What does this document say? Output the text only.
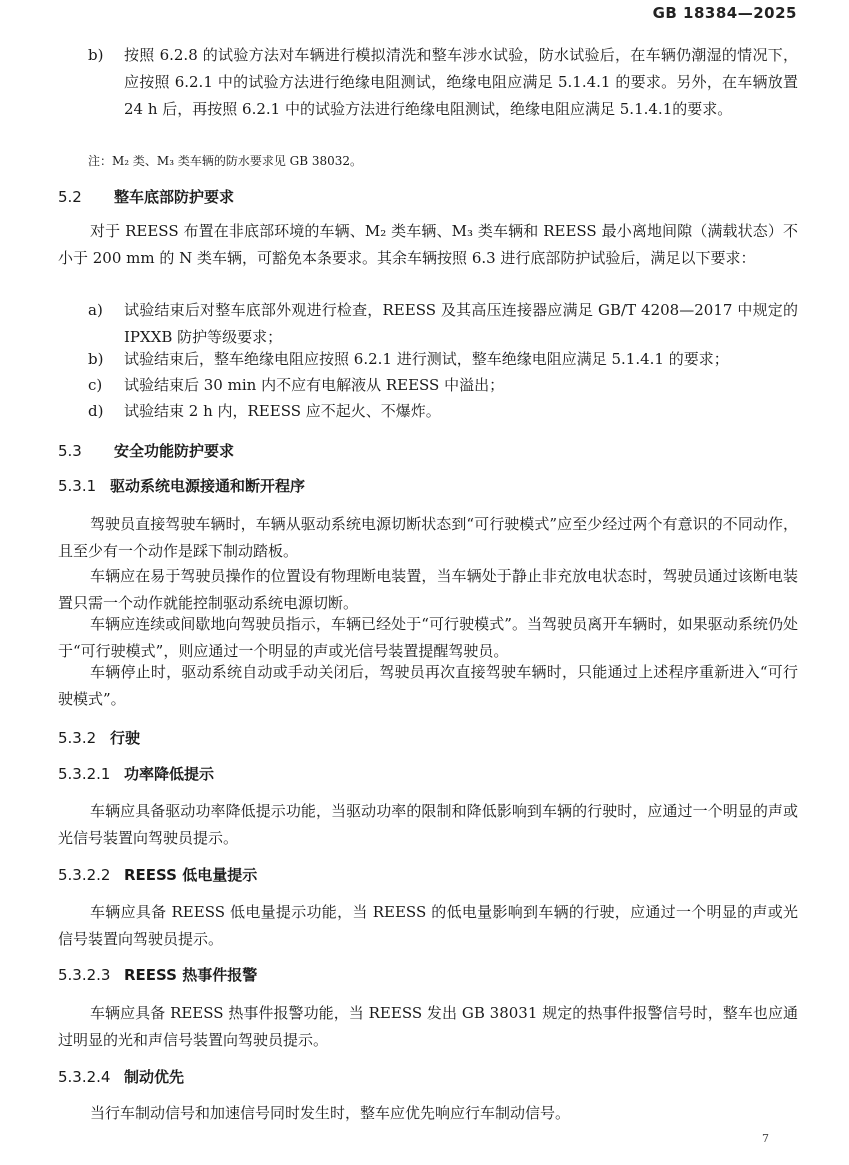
GB 18384—2025
b) 按照 6.2.8 的试验方法对车辆进行模拟清洗和整车涉水试验，防水试验后，在车辆仍潮湿的情况下，应按照 6.2.1 中的试验方法进行绝缘电阻测试，绝缘电阻应满足 5.1.4.1 的要求。另外，在车辆放置 24 h 后，再按照 6.2.1 中的试验方法进行绝缘电阻测试，绝缘电阻应满足 5.1.4.1的要求。
注：M₂ 类、M₃ 类车辆的防水要求见 GB 38032。
5.2 整车底部防护要求
对于 REESS 布置在非底部环境的车辆、M₂ 类车辆、M₃ 类车辆和 REESS 最小离地间隙（满载状态）不小于 200 mm 的 N 类车辆，可豁免本条要求。其余车辆按照 6.3 进行底部防护试验后，满足以下要求：
a) 试验结束后对整车底部外观进行检查，REESS 及其高压连接器应满足 GB/T 4208—2017 中规定的 IPXXB 防护等级要求；
b) 试验结束后，整车绝缘电阻应按照 6.2.1 进行测试，整车绝缘电阻应满足 5.1.4.1 的要求；
c) 试验结束后 30 min 内不应有电解液从 REESS 中溢出；
d) 试验结束 2 h 内，REESS 应不起火、不爆炸。
5.3 安全功能防护要求
5.3.1 驱动系统电源接通和断开程序
驾驶员直接驾驶车辆时，车辆从驱动系统电源切断状态到“可行驶模式”应至少经过两个有意识的不同动作，且至少有一个动作是踩下制动踏板。
车辆应在易于驾驶员操作的位置设有物理断电装置，当车辆处于静止非充放电状态时，驾驶员通过该断电装置只需一个动作就能控制驱动系统电源切断。
车辆应连续或间歇地向驾驶员指示，车辆已经处于“可行驶模式”。当驾驶员离开车辆时，如果驱动系统仍处于“可行驶模式”，则应通过一个明显的声或光信号装置提醒驾驶员。
车辆停止时，驱动系统自动或手动关闭后，驾驶员再次直接驾驶车辆时，只能通过上述程序重新进入“可行驶模式”。
5.3.2 行驶
5.3.2.1 功率降低提示
车辆应具备驱动功率降低提示功能，当驱动功率的限制和降低影响到车辆的行驶时，应通过一个明显的声或光信号装置向驾驶员提示。
5.3.2.2 REESS 低电量提示
车辆应具备 REESS 低电量提示功能，当 REESS 的低电量影响到车辆的行驶，应通过一个明显的声或光信号装置向驾驶员提示。
5.3.2.3 REESS 热事件报警
车辆应具备 REESS 热事件报警功能，当 REESS 发出 GB 38031 规定的热事件报警信号时，整车也应通过明显的光和声信号装置向驾驶员提示。
5.3.2.4 制动优先
当行车制动信号和加速信号同时发生时，整车应优先响应行车制动信号。
7
